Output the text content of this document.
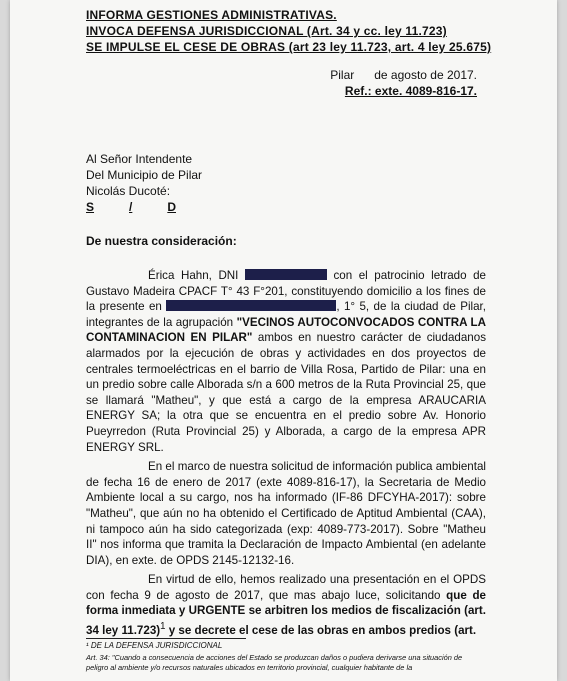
INFORMA GESTIONES ADMINISTRATIVAS.
INVOCA DEFENSA JURISDICCIONAL (Art. 34 y cc. ley 11.723)
SE IMPULSE EL CESE DE OBRAS (art 23 ley 11.723, art. 4 ley 25.675)
Pilar      de agosto de 2017.
Ref.: exte. 4089-816-17.
Al Señor Intendente
Del Municipio de Pilar
Nicolás Ducoté:
S	/	D
De nuestra consideración:

Érica Hahn, DNI	con el patrocinio letrado de Gustavo Madeira CPACF T° 43 F°201, constituyendo domicilio a los fines de la presente en	, 1° 5, de la ciudad de Pilar, integrantes de la agrupación "VECINOS AUTOCONVOCADOS CONTRA LA CONTAMINACION EN PILAR" ambos en nuestro carácter de ciudadanos alarmados por la ejecución de obras y actividades en dos proyectos de centrales termoeléctricas en el barrio de Villa Rosa, Partido de Pilar: una en un predio sobre calle Alborada s/n a 600 metros de la Ruta Provincial 25, que se llamará "Matheu", y que está a cargo de la empresa ARAUCARIA ENERGY SA; la otra que se encuentra en el predio sobre Av. Honorio Pueyrredon (Ruta Provincial 25) y Alborada, a cargo de la empresa APR ENERGY SRL.

En el marco de nuestra solicitud de información publica ambiental de fecha 16 de enero de 2017 (exte 4089-816-17), la Secretaria de Medio Ambiente local a su cargo, nos ha informado (IF-86 DFCYHA-2017): sobre "Matheu", que aún no ha obtenido el Certificado de Aptitud Ambiental (CAA), ni tampoco aún ha sido categorizada (exp: 4089-773-2017). Sobre "Matheu II" nos informa que tramita la Declaración de Impacto Ambiental (en adelante DIA), en exte. de OPDS 2145-12132-16.

En virtud de ello, hemos realizado una presentación en el OPDS con fecha 9 de agosto de 2017, que mas abajo luce, solicitando que de forma inmediata y URGENTE se arbitren los medios de fiscalización (art. 34 ley 11.723)$^1$ y se decrete el cese de las obras en ambos predios (art.

¹ DE LA DEFENSA JURISDICCIONAL
Art. 34: "Cuando a consecuencia de acciones del Estado se produzcan daños o pudiera derivarse una situación de peligro al ambiente y/o recursos naturales ubicados en territorio provincial, cualquier habitante de la
